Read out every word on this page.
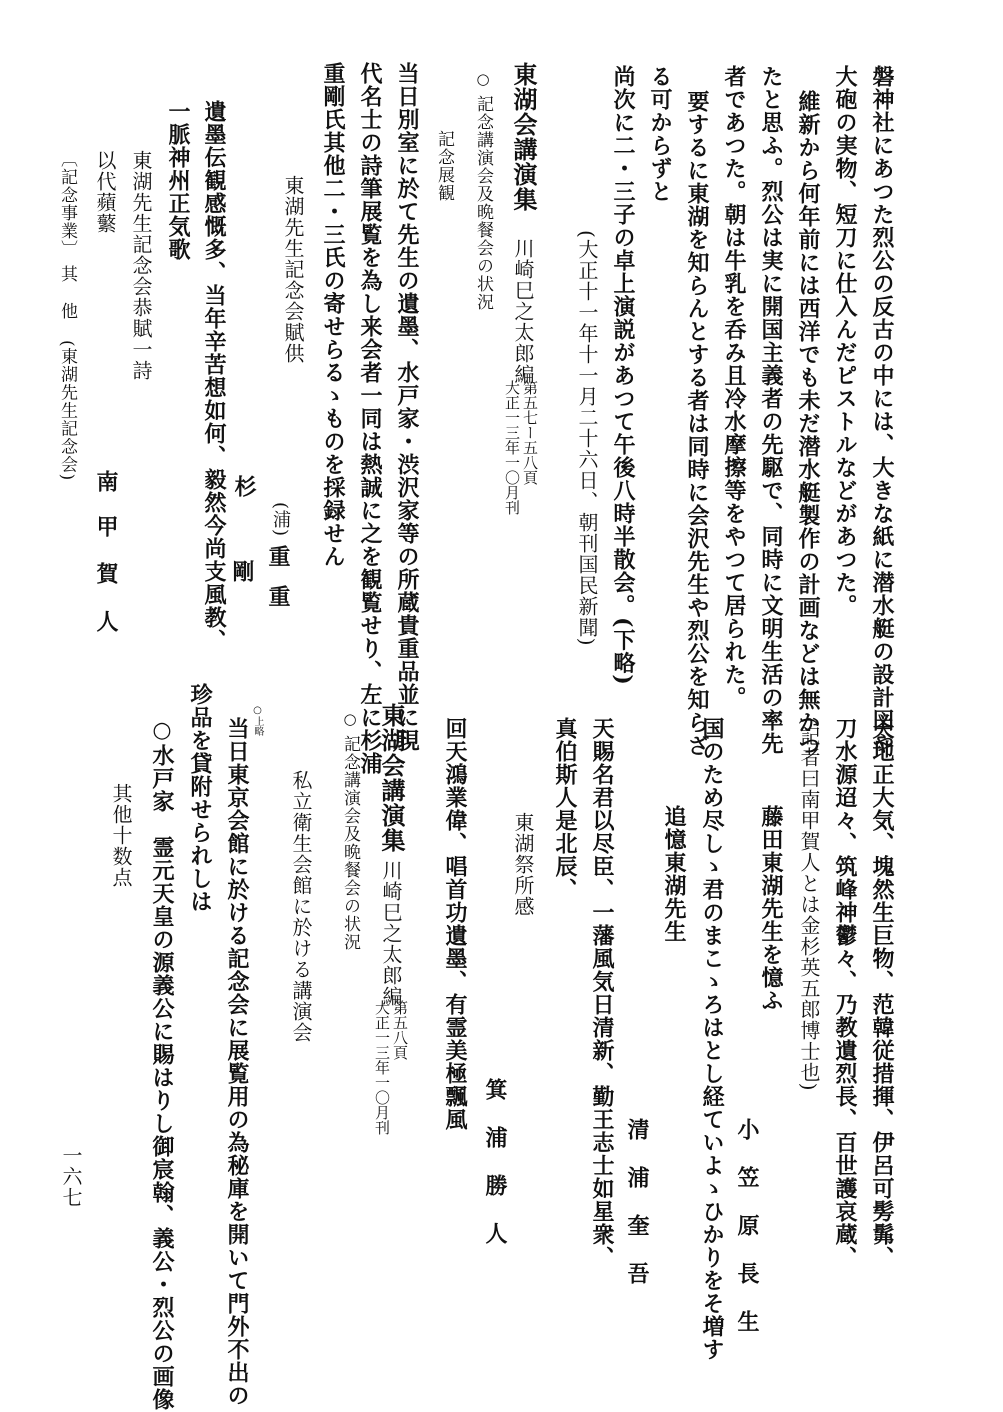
磐神社にあつた烈公の反古の中には、大きな紙に潜水艇の設計図や
大砲の実物、短刀に仕入んだピストルなどがあつた。
維新から何年前には西洋でも未だ潜水艇製作の計画などは無かつ
たと思ふ。烈公は実に開国主義者の先駆で、同時に文明生活の率先
者であつた。朝は牛乳を呑み且冷水摩擦等をやつて居られた。
要するに東湖を知らんとする者は同時に会沢先生や烈公を知らざ
る可からずと
尚次に二・三子の卓上演説があつて午後八時半散会。(下略)
(大正十一年十一月二十六日、朝刊国民新聞)
東湖会講演集
川崎巳之太郎編
第五七ー五八頁
大正一三年一〇月刊
○
記念講演会及晩餐会の状況
記念展観
当日別室に於て先生の遺墨、水戸家・渋沢家等の所蔵貴重品並に現
代名士の詩筆展覧を為し来会者一同は熱誠に之を観覧せり、左に杉浦
重剛氏其他二・三氏の寄せらるゝものを採録せん
東湖先生記念会賦供
杉
(浦)
重
重
剛
遺墨伝観感慨多、当年辛苦想如何、毅然今尚支風教、
一脈神州正気歌
東湖先生記念会恭賦一詩
以代蘋蘩
南
甲
賀
人
〔記念事業〕
其他
(東湖先生記念会)
天地正大気、塊然生巨物、范韓従措揮、伊呂可髣髴、
刀水源迢々、筑峰神鬱々、乃教遺烈長、百世護哀蔵、
(記者曰南甲賀人とは金杉英五郎博士也)
藤田東湖先生を憶ふ
小笠原長生
国のため尽しゝ君のまこゝろはとし経ていよゝひかりをそ増す
追憶東湖先生
清浦奎吾
天賜名君以尽臣、一藩風気日清新、勤王志士如星衆、
真伯斯人是北辰、
東湖祭所感
箕浦勝人
回天鴻業偉、唱首功遺墨、有霊美極飄風
東湖会講演集
川崎巳之太郎編
第五八頁
大正一三年一〇月刊
○
記念講演会及晩餐会の状況
私立衛生会館に於ける講演会
○上略
当日東京会館に於ける記念会に展覧用の為秘庫を開いて門外不出の
珍品を貸附せられしは
○水戸家　霊元天皇の源義公に賜はりし御宸翰、義公・烈公の画像
其他十数点
一六七
